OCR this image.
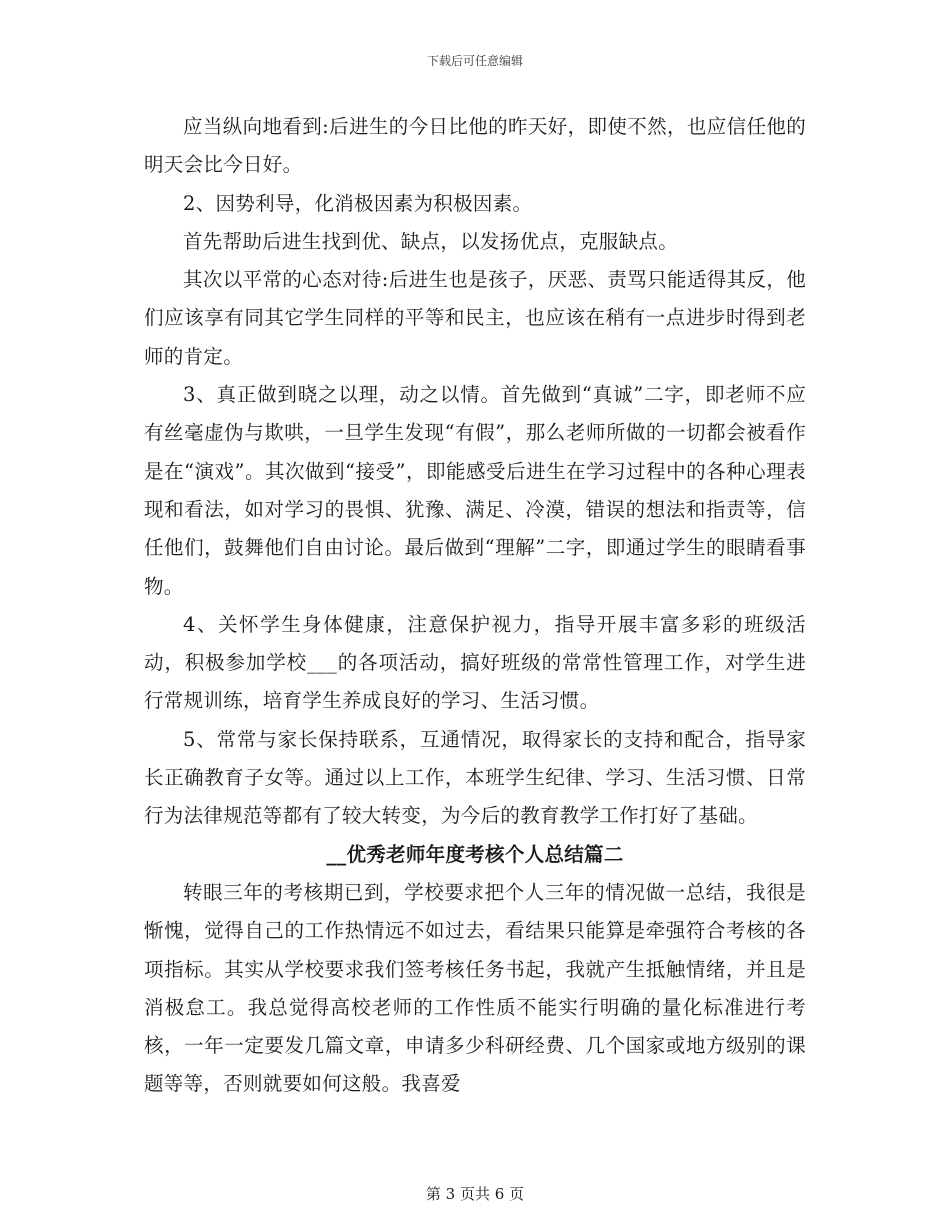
下载后可任意编辑

应当纵向地看到:后进生的今日比他的昨天好，即使不然，也应信任他的明天会比今日好。

2、因势利导，化消极因素为积极因素。

首先帮助后进生找到优、缺点，以发扬优点，克服缺点。

其次以平常的心态对待:后进生也是孩子，厌恶、责骂只能适得其反，他们应该享有同其它学生同样的平等和民主，也应该在稍有一点进步时得到老师的肯定。

3、真正做到晓之以理，动之以情。首先做到“真诚”二字，即老师不应有丝毫虚伪与欺哄，一旦学生发现“有假”，那么老师所做的一切都会被看作是在“演戏”。其次做到“接受”，即能感受后进生在学习过程中的各种心理表现和看法，如对学习的畏惧、犹豫、满足、冷漠，错误的想法和指责等，信任他们，鼓舞他们自由讨论。最后做到“理解”二字，即通过学生的眼睛看事物。

4、关怀学生身体健康，注意保护视力，指导开展丰富多彩的班级活动，积极参加学校___的各项活动，搞好班级的常常性管理工作，对学生进行常规训练，培育学生养成良好的学习、生活习惯。

5、常常与家长保持联系，互通情况，取得家长的支持和配合，指导家长正确教育子女等。通过以上工作，本班学生纪律、学习、生活习惯、日常行为法律规范等都有了较大转变，为今后的教育教学工作打好了基础。

__优秀老师年度考核个人总结篇二

转眼三年的考核期已到，学校要求把个人三年的情况做一总结，我很是惭愧，觉得自己的工作热情远不如过去，看结果只能算是牵强符合考核的各项指标。其实从学校要求我们签考核任务书起，我就产生抵触情绪，并且是消极怠工。我总觉得高校老师的工作性质不能实行明确的量化标准进行考核，一年一定要发几篇文章，申请多少科研经费、几个国家或地方级别的课题等等，否则就要如何这般。我喜爱

第 3 页共 6 页
